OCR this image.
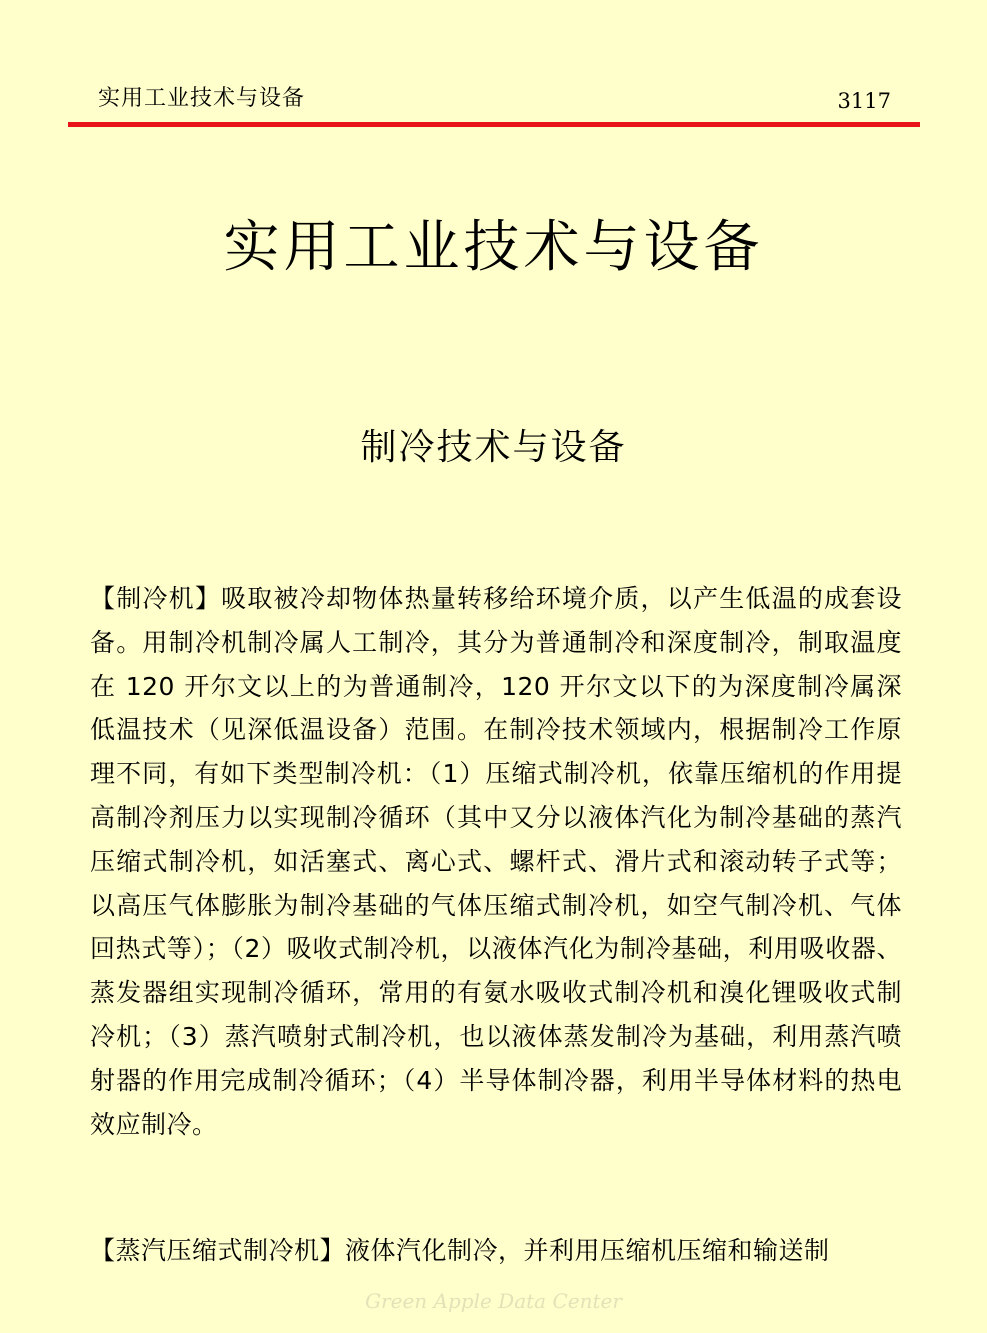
实用工业技术与设备	3117
实用工业技术与设备
制冷技术与设备
【制冷机】吸取被冷却物体热量转移给环境介质，以产生低温的成套设备。用制冷机制冷属人工制冷，其分为普通制冷和深度制冷，制取温度在 120 开尔文以上的为普通制冷，120 开尔文以下的为深度制冷属深低温技术（见深低温设备）范围。在制冷技术领域内，根据制冷工作原理不同，有如下类型制冷机：（1）压缩式制冷机，依靠压缩机的作用提高制冷剂压力以实现制冷循环（其中又分以液体汽化为制冷基础的蒸汽压缩式制冷机，如活塞式、离心式、螺杆式、滑片式和滚动转子式等；以高压气体膨胀为制冷基础的气体压缩式制冷机，如空气制冷机、气体回热式等）；（2）吸收式制冷机，以液体汽化为制冷基础，利用吸收器、蒸发器组实现制冷循环，常用的有氨水吸收式制冷机和溴化锂吸收式制冷机；（3）蒸汽喷射式制冷机，也以液体蒸发制冷为基础，利用蒸汽喷射器的作用完成制冷循环；（4）半导体制冷器，利用半导体材料的热电效应制冷。
【蒸汽压缩式制冷机】液体汽化制冷，并利用压缩机压缩和输送制
Green Apple Data Center
